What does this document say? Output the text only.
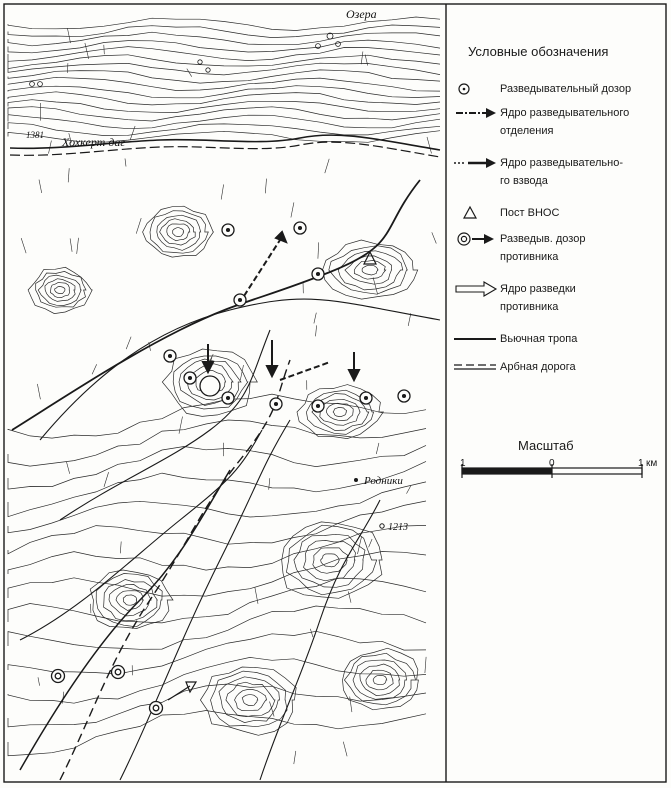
Озера
Хохкерт даг
1381
Родники
1213
Условные обозначения
Разведывательный дозор
Ядро разведывательного
отделения
Ядро разведывательно-
го взвода
Пост ВНОС
Разведыв. дозор
противника
Ядро разведки
противника
Вьючная тропа
Арбная дорога
Масштаб
1	0	1 км
